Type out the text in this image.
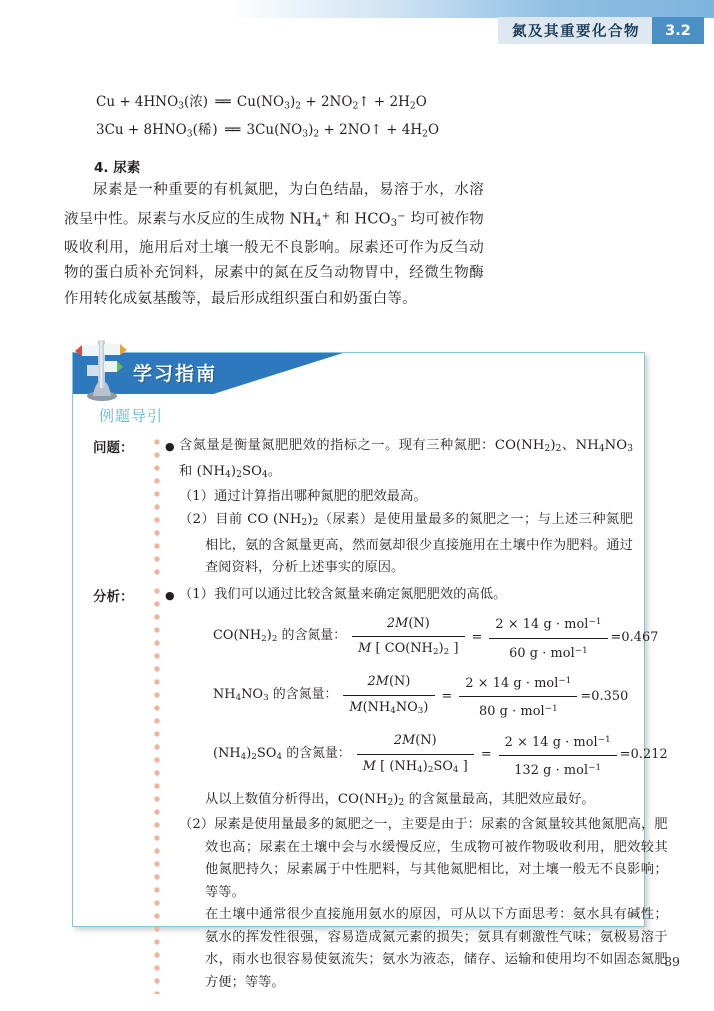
氮及其重要化合物	3.2
$Cu + 4HNO_3$(浓) ══ $Cu(NO_3)_2$ + $2NO_2↑ + 2H_2O$
$3Cu + 8HNO_3$(稀) ══ $3Cu(NO_3)_2$ + 2NO↑ + $4H_2O$
4. 尿素
尿素是一种重要的有机氮肥，为白色结晶，易溶于水，水溶液呈中性。尿素与水反应的生成物 $NH_4^+$ 和 $HCO_3^-$ 均可被作物吸收利用，施用后对土壤一般无不良影响。尿素还可作为反刍动物的蛋白质补充饲料，尿素中的氮在反刍动物胃中，经微生物酶作用转化成氨基酸等，最后形成组织蛋白和奶蛋白等。
学习指南
例题导引
问题：	● 含氮量是衡量氮肥肥效的指标之一。现有三种氮肥：$CO(NH_2)_2$、$NH_4NO_3$ 和 $(NH_4)_2SO_4$。
（1）通过计算指出哪种氮肥的肥效最高。
（2）目前 CO $(NH_2)_2$（尿素）是使用量最多的氮肥之一；与上述三种氮肥相比，氨的含氮量更高，然而氨却很少直接施用在土壤中作为肥料。通过查阅资料，分析上述事实的原因。
分析：	● （1）我们可以通过比较含氮量来确定氮肥肥效的高低。
$CO(NH_2)_2$ 的含氮量： $\frac{2M(N)}{M [ CO(NH_2)_2 ]} = \frac{2 \times 14 g \cdot mol^{-1}}{60 g \cdot mol^{-1}} =0.467$
$NH_4NO_3$ 的含氮量： $\frac{2M(N)}{M(NH_4NO_3)} = \frac{2 \times 14 g \cdot mol^{-1}}{80 g \cdot mol^{-1}} =0.350$
$(NH_4)_2SO_4$ 的含氮量： $\frac{2M(N)}{M [ (NH_4)_2SO_4 ]} = \frac{2 \times 14 g \cdot mol^{-1}}{132 g \cdot mol^{-1}} =0.212$
从以上数值分析得出，$CO(NH_2)_2$ 的含氮量最高，其肥效应最好。
（2）尿素是使用量最多的氮肥之一，主要是由于：尿素的含氮量较其他氮肥高，肥效也高；尿素在土壤中会与水缓慢反应，生成物可被作物吸收利用，肥效较其他氮肥持久；尿素属于中性肥料，与其他氮肥相比，对土壤一般无不良影响；等等。
在土壤中通常很少直接施用氨水的原因，可从以下方面思考：氨水具有碱性；氨水的挥发性很强，容易造成氮元素的损失；氨具有刺激性气味；氨极易溶于水，雨水也很容易使氨流失；氨水为液态，储存、运输和使用均不如固态氮肥方便；等等。
89
